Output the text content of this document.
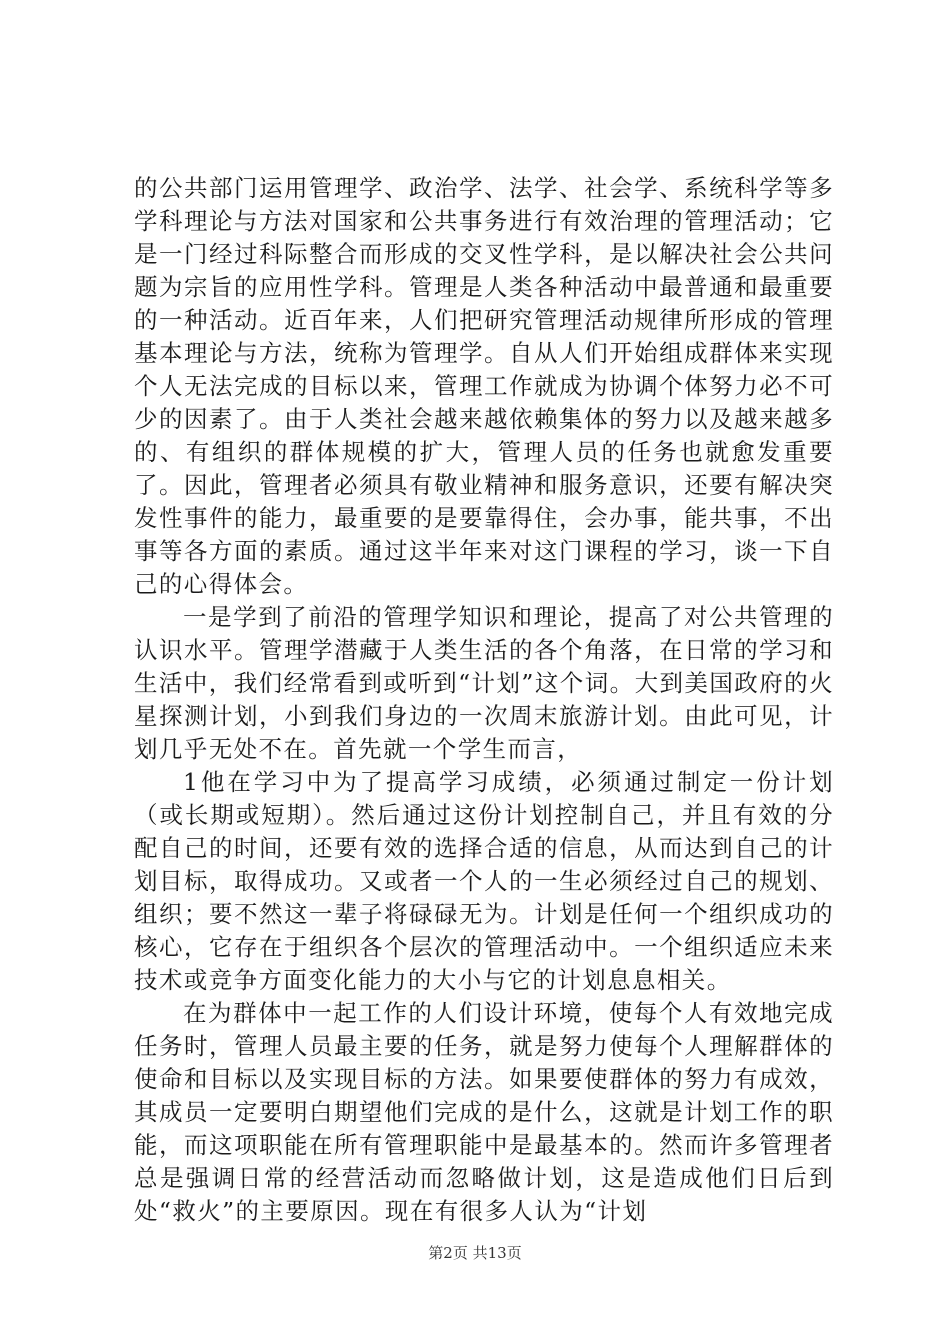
的公共部门运用管理学、政治学、法学、社会学、系统科学等多学科理论与方法对国家和公共事务进行有效治理的管理活动；它是一门经过科际整合而形成的交叉性学科，是以解决社会公共问题为宗旨的应用性学科。管理是人类各种活动中最普通和最重要的一种活动。近百年来，人们把研究管理活动规律所形成的管理基本理论与方法，统称为管理学。自从人们开始组成群体来实现个人无法完成的目标以来，管理工作就成为协调个体努力必不可少的因素了。由于人类社会越来越依赖集体的努力以及越来越多的、有组织的群体规模的扩大，管理人员的任务也就愈发重要了。因此，管理者必须具有敬业精神和服务意识，还要有解决突发性事件的能力，最重要的是要靠得住，会办事，能共事，不出事等各方面的素质。通过这半年来对这门课程的学习，谈一下自己的心得体会。

一是学到了前沿的管理学知识和理论，提高了对公共管理的认识水平。管理学潜藏于人类生活的各个角落，在日常的学习和生活中，我们经常看到或听到“计划”这个词。大到美国政府的火星探测计划，小到我们身边的一次周末旅游计划。由此可见，计划几乎无处不在。首先就一个学生而言，

1他在学习中为了提高学习成绩，必须通过制定一份计划（或长期或短期）。然后通过这份计划控制自己，并且有效的分配自己的时间，还要有效的选择合适的信息，从而达到自己的计划目标，取得成功。又或者一个人的一生必须经过自己的规划、组织；要不然这一辈子将碌碌无为。计划是任何一个组织成功的核心，它存在于组织各个层次的管理活动中。一个组织适应未来技术或竞争方面变化能力的大小与它的计划息息相关。

在为群体中一起工作的人们设计环境，使每个人有效地完成任务时，管理人员最主要的任务，就是努力使每个人理解群体的使命和目标以及实现目标的方法。如果要使群体的努力有成效，其成员一定要明白期望他们完成的是什么，这就是计划工作的职能，而这项职能在所有管理职能中是最基本的。然而许多管理者总是强调日常的经营活动而忽略做计划，这是造成他们日后到处“救火”的主要原因。现在有很多人认为“计划

第2页 共13页
